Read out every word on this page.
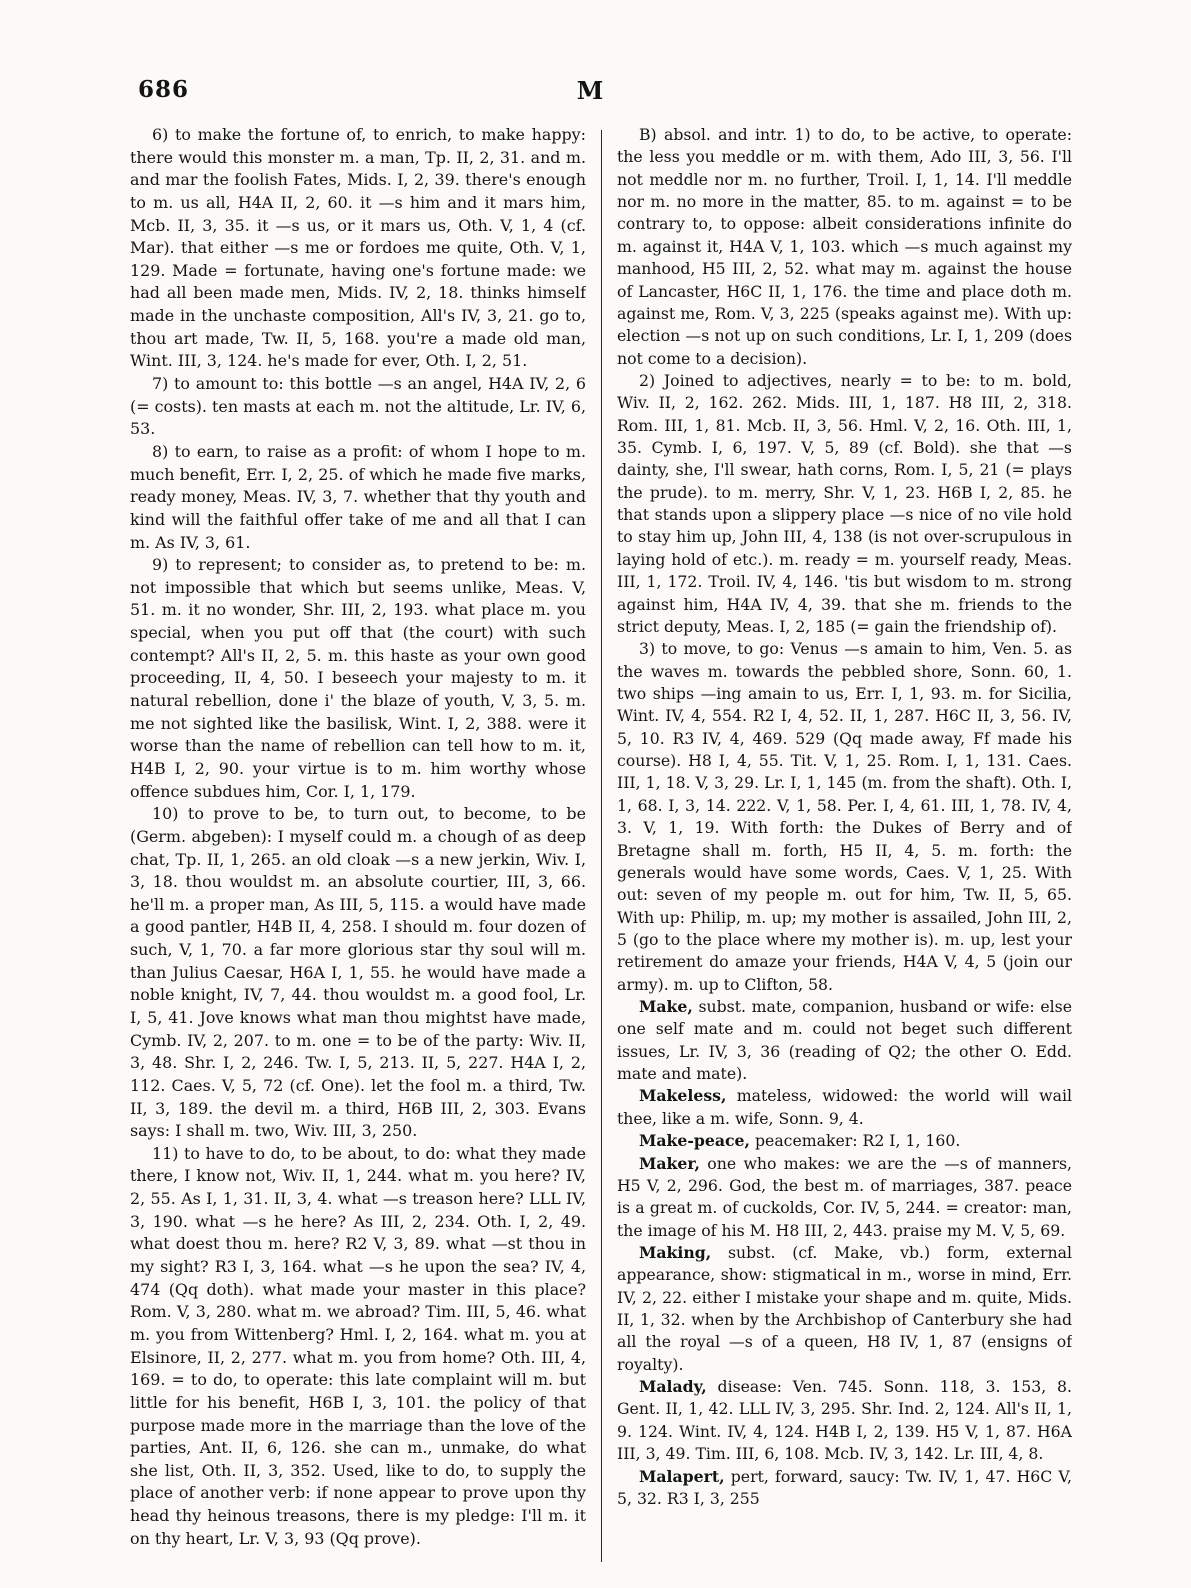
686	M

6) to make the fortune of, to enrich, to make happy: there would this monster m. a man, Tp. II, 2, 31. and m. and mar the foolish Fates, Mids. I, 2, 39. there's enough to m. us all, H4A II, 2, 60. it —s him and it mars him, Mcb. II, 3, 35. it —s us, or it mars us, Oth. V, 1, 4 (cf. Mar). that either —s me or fordoes me quite, Oth. V, 1, 129. Made = fortunate, having one's fortune made: we had all been made men, Mids. IV, 2, 18. thinks himself made in the unchaste composition, All's IV, 3, 21. go to, thou art made, Tw. II, 5, 168. you're a made old man, Wint. III, 3, 124. he's made for ever, Oth. I, 2, 51.

7) to amount to: this bottle —s an angel, H4A IV, 2, 6 (= costs). ten masts at each m. not the altitude, Lr. IV, 6, 53.

8) to earn, to raise as a profit: of whom I hope to m. much benefit, Err. I, 2, 25. of which he made five marks, ready money, Meas. IV, 3, 7. whether that thy youth and kind will the faithful offer take of me and all that I can m. As IV, 3, 61.

9) to represent; to consider as, to pretend to be: m. not impossible that which but seems unlike, Meas. V, 51. m. it no wonder, Shr. III, 2, 193. what place m. you special, when you put off that (the court) with such contempt? All's II, 2, 5. m. this haste as your own good proceeding, II, 4, 50. I beseech your majesty to m. it natural rebellion, done i' the blaze of youth, V, 3, 5. m. me not sighted like the basilisk, Wint. I, 2, 388. were it worse than the name of rebellion can tell how to m. it, H4B I, 2, 90. your virtue is to m. him worthy whose offence subdues him, Cor. I, 1, 179.

10) to prove to be, to turn out, to become, to be (Germ. abgeben): I myself could m. a chough of as deep chat, Tp. II, 1, 265. an old cloak —s a new jerkin, Wiv. I, 3, 18. thou wouldst m. an absolute courtier, III, 3, 66. he'll m. a proper man, As III, 5, 115. a would have made a good pantler, H4B II, 4, 258. I should m. four dozen of such, V, 1, 70. a far more glorious star thy soul will m. than Julius Caesar, H6A I, 1, 55. he would have made a noble knight, IV, 7, 44. thou wouldst m. a good fool, Lr. I, 5, 41. Jove knows what man thou mightst have made, Cymb. IV, 2, 207. to m. one = to be of the party: Wiv. II, 3, 48. Shr. I, 2, 246. Tw. I, 5, 213. II, 5, 227. H4A I, 2, 112. Caes. V, 5, 72 (cf. One). let the fool m. a third, Tw. II, 3, 189. the devil m. a third, H6B III, 2, 303. Evans says: I shall m. two, Wiv. III, 3, 250.

11) to have to do, to be about, to do: what they made there, I know not, Wiv. II, 1, 244. what m. you here? IV, 2, 55. As I, 1, 31. II, 3, 4. what —s treason here? LLL IV, 3, 190. what —s he here? As III, 2, 234. Oth. I, 2, 49. what doest thou m. here? R2 V, 3, 89. what —st thou in my sight? R3 I, 3, 164. what —s he upon the sea? IV, 4, 474 (Qq doth). what made your master in this place? Rom. V, 3, 280. what m. we abroad? Tim. III, 5, 46. what m. you from Wittenberg? Hml. I, 2, 164. what m. you at Elsinore, II, 2, 277. what m. you from home? Oth. III, 4, 169. = to do, to operate: this late complaint will m. but little for his benefit, H6B I, 3, 101. the policy of that purpose made more in the marriage than the love of the parties, Ant. II, 6, 126. she can m., unmake, do what she list, Oth. II, 3, 352. Used, like to do, to supply the place of another verb: if none appear to prove upon thy head thy heinous treasons, there is my pledge: I'll m. it on thy heart, Lr. V, 3, 93 (Qq prove).

B) absol. and intr. 1) to do, to be active, to operate: the less you meddle or m. with them, Ado III, 3, 56. I'll not meddle nor m. no further, Troil. I, 1, 14. I'll meddle nor m. no more in the matter, 85. to m. against = to be contrary to, to oppose: albeit considerations infinite do m. against it, H4A V, 1, 103. which —s much against my manhood, H5 III, 2, 52. what may m. against the house of Lancaster, H6C II, 1, 176. the time and place doth m. against me, Rom. V, 3, 225 (speaks against me). With up: election —s not up on such conditions, Lr. I, 1, 209 (does not come to a decision).

2) Joined to adjectives, nearly = to be: to m. bold, Wiv. II, 2, 162. 262. Mids. III, 1, 187. H8 III, 2, 318. Rom. III, 1, 81. Mcb. II, 3, 56. Hml. V, 2, 16. Oth. III, 1, 35. Cymb. I, 6, 197. V, 5, 89 (cf. Bold). she that —s dainty, she, I'll swear, hath corns, Rom. I, 5, 21 (= plays the prude). to m. merry, Shr. V, 1, 23. H6B I, 2, 85. he that stands upon a slippery place —s nice of no vile hold to stay him up, John III, 4, 138 (is not over-scrupulous in laying hold of etc.). m. ready = m. yourself ready, Meas. III, 1, 172. Troil. IV, 4, 146. 'tis but wisdom to m. strong against him, H4A IV, 4, 39. that she m. friends to the strict deputy, Meas. I, 2, 185 (= gain the friendship of).

3) to move, to go: Venus —s amain to him, Ven. 5. as the waves m. towards the pebbled shore, Sonn. 60, 1. two ships —ing amain to us, Err. I, 1, 93. m. for Sicilia, Wint. IV, 4, 554. R2 I, 4, 52. II, 1, 287. H6C II, 3, 56. IV, 5, 10. R3 IV, 4, 469. 529 (Qq made away, Ff made his course). H8 I, 4, 55. Tit. V, 1, 25. Rom. I, 1, 131. Caes. III, 1, 18. V, 3, 29. Lr. I, 1, 145 (m. from the shaft). Oth. I, 1, 68. I, 3, 14. 222. V, 1, 58. Per. I, 4, 61. III, 1, 78. IV, 4, 3. V, 1, 19. With forth: the Dukes of Berry and of Bretagne shall m. forth, H5 II, 4, 5. m. forth: the generals would have some words, Caes. V, 1, 25. With out: seven of my people m. out for him, Tw. II, 5, 65. With up: Philip, m. up; my mother is assailed, John III, 2, 5 (go to the place where my mother is). m. up, lest your retirement do amaze your friends, H4A V, 4, 5 (join our army). m. up to Clifton, 58.

Make, subst. mate, companion, husband or wife: else one self mate and m. could not beget such different issues, Lr. IV, 3, 36 (reading of Q2; the other O. Edd. mate and mate).

Makeless, mateless, widowed: the world will wail thee, like a m. wife, Sonn. 9, 4.

Make-peace, peacemaker: R2 I, 1, 160.

Maker, one who makes: we are the —s of manners, H5 V, 2, 296. God, the best m. of marriages, 387. peace is a great m. of cuckolds, Cor. IV, 5, 244. = creator: man, the image of his M. H8 III, 2, 443. praise my M. V, 5, 69.

Making, subst. (cf. Make, vb.) form, external appearance, show: stigmatical in m., worse in mind, Err. IV, 2, 22. either I mistake your shape and m. quite, Mids. II, 1, 32. when by the Archbishop of Canterbury she had all the royal —s of a queen, H8 IV, 1, 87 (ensigns of royalty).

Malady, disease: Ven. 745. Sonn. 118, 3. 153, 8. Gent. II, 1, 42. LLL IV, 3, 295. Shr. Ind. 2, 124. All's II, 1, 9. 124. Wint. IV, 4, 124. H4B I, 2, 139. H5 V, 1, 87. H6A III, 3, 49. Tim. III, 6, 108. Mcb. IV, 3, 142. Lr. III, 4, 8.

Malapert, pert, forward, saucy: Tw. IV, 1, 47. H6C V, 5, 32. R3 I, 3, 255
